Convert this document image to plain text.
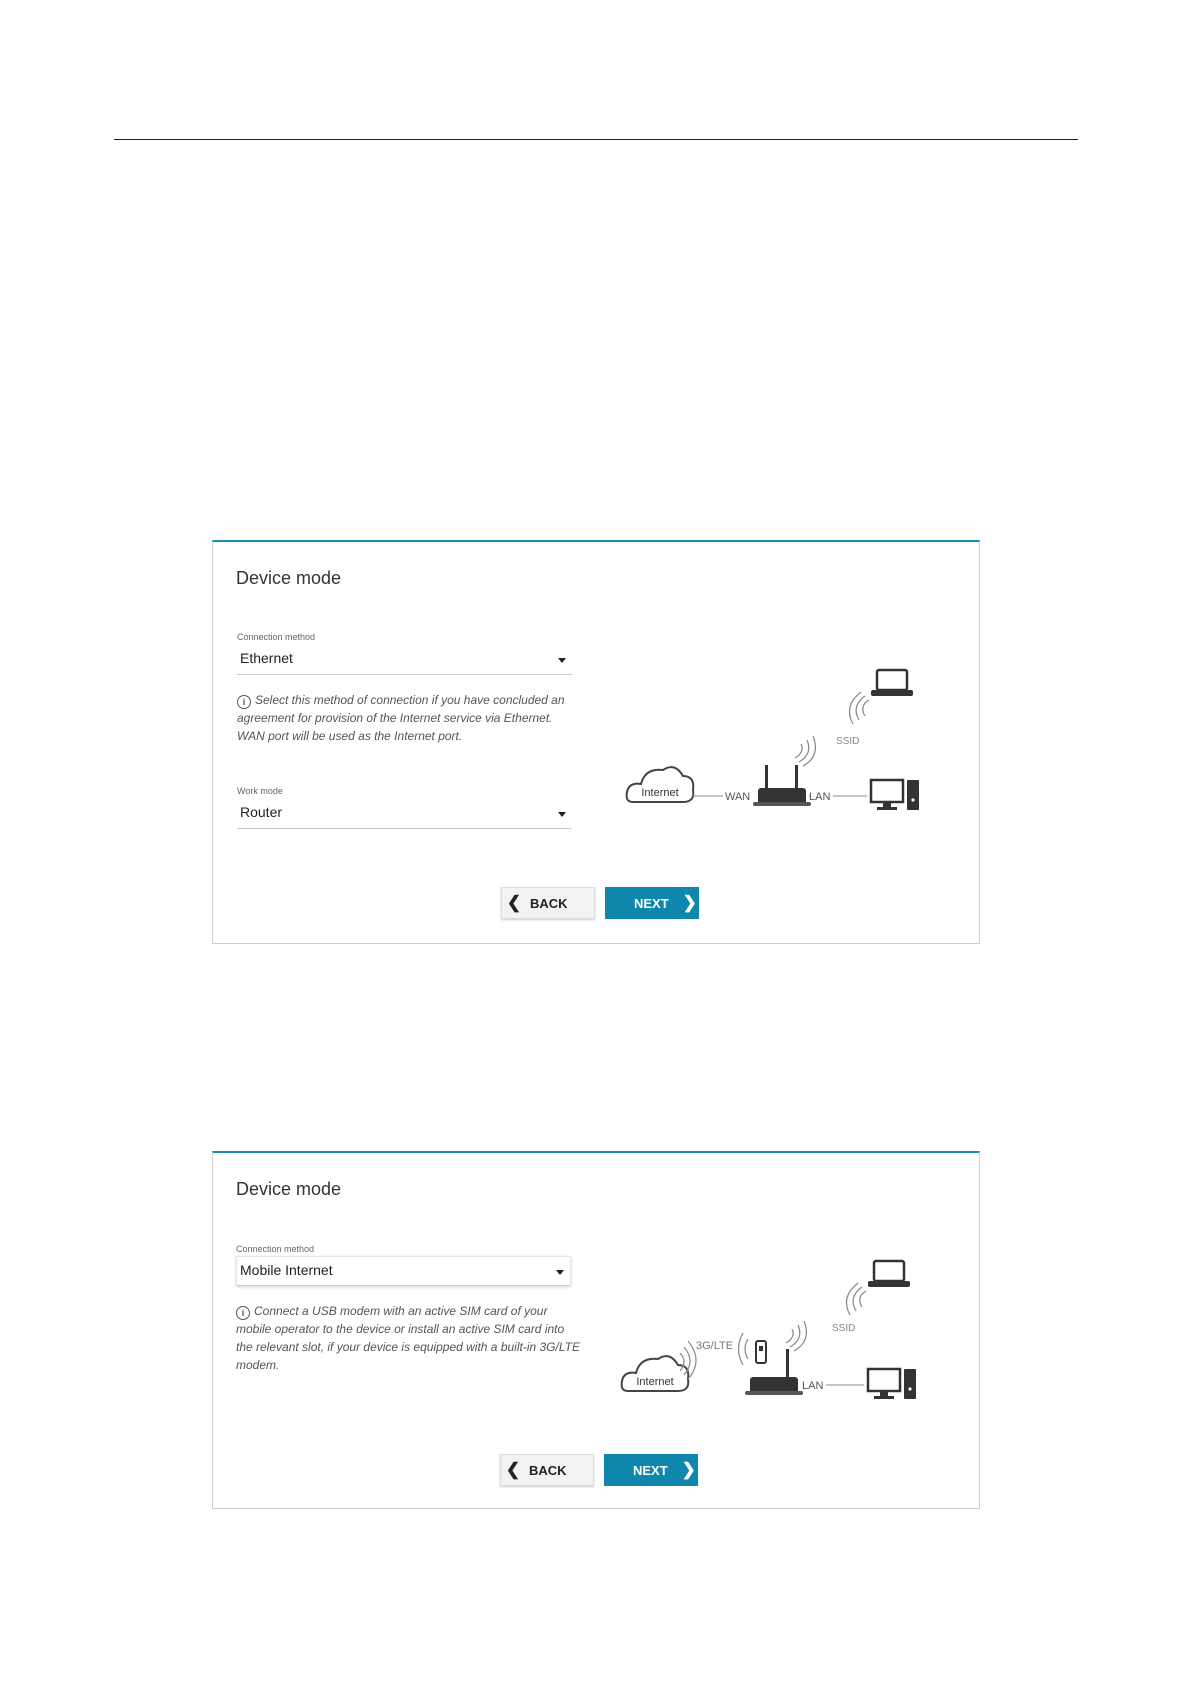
Device mode
Connection method
Ethernet
i Select this method of connection if you have concluded an agreement for provision of the Internet service via Ethernet. WAN port will be used as the Internet port.
Work mode
Router
Internet	WAN	LAN
SSID
❮ BACK	NEXT ❯
Device mode
Connection method
Mobile Internet
i Connect a USB modem with an active SIM card of your mobile operator to the device or install an active SIM card into the relevant slot, if your device is equipped with a built-in 3G/LTE modem.
Internet
3G/LTE
LAN
SSID
❮ BACK	NEXT ❯
